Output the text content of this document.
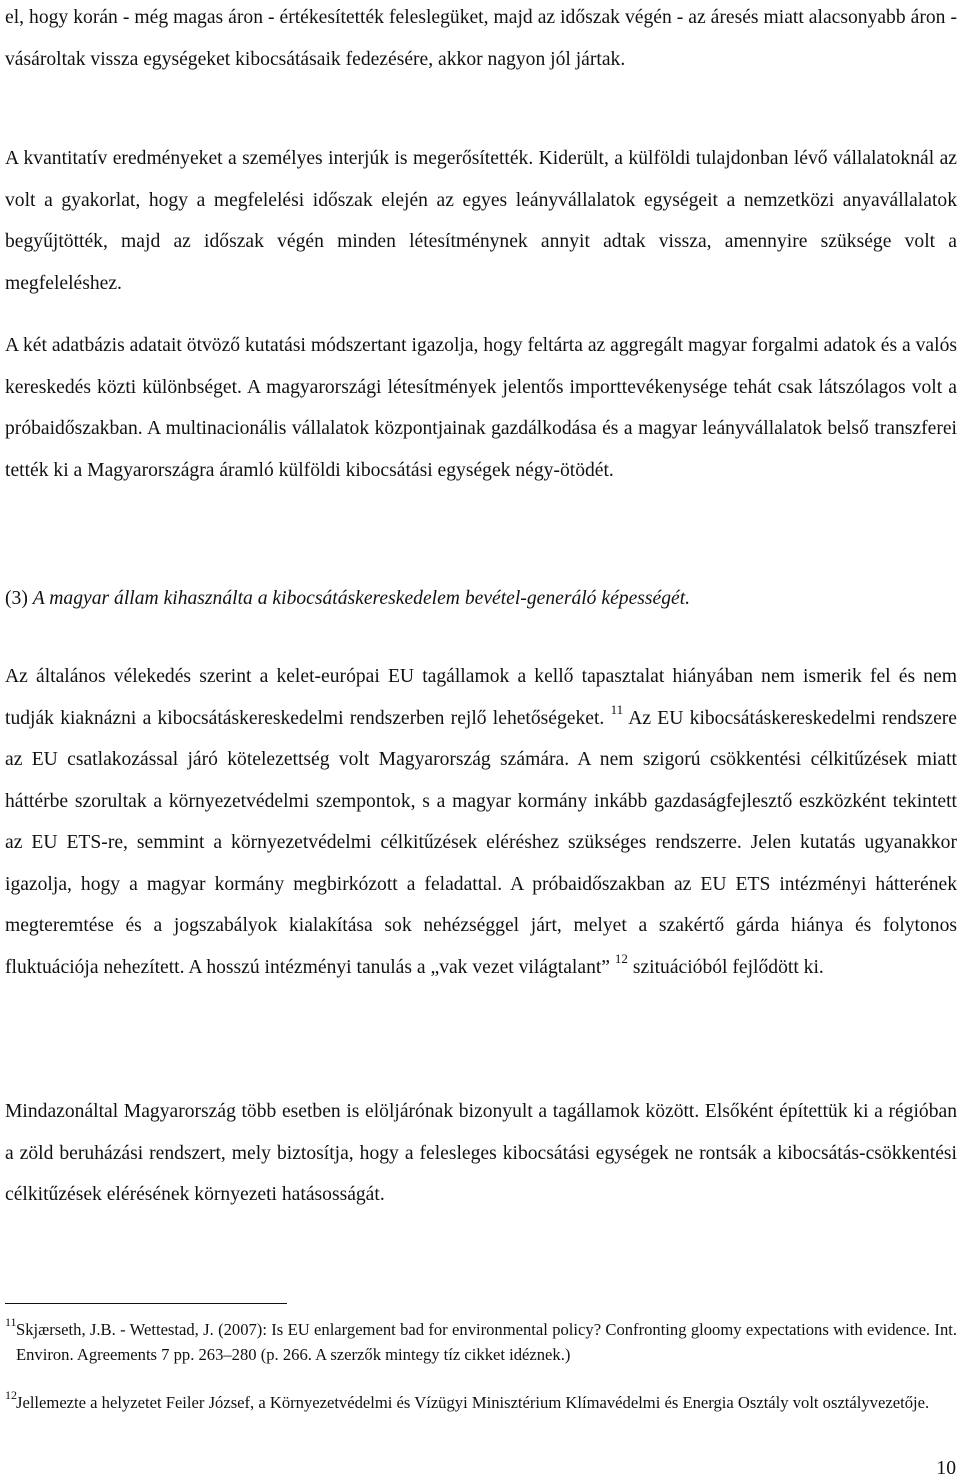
el, hogy korán - még magas áron - értékesítették feleslegüket, majd az időszak végén - az áresés miatt alacsonyabb áron - vásároltak vissza egységeket kibocsátásaik fedezésére, akkor nagyon jól jártak.

A kvantitatív eredményeket a személyes interjúk is megerősítették. Kiderült, a külföldi tulajdonban lévő vállalatoknál az volt a gyakorlat, hogy a megfelelési időszak elején az egyes leányvállalatok egységeit a nemzetközi anyavállalatok begyűjtötték, majd az időszak végén minden létesítménynek annyit adtak vissza, amennyire szüksége volt a megfeleléshez.

A két adatbázis adatait ötvöző kutatási módszertant igazolja, hogy feltárta az aggregált magyar forgalmi adatok és a valós kereskedés közti különbséget. A magyarországi létesítmények jelentős importtevékenysége tehát csak látszólagos volt a próbaidőszakban. A multinacionális vállalatok központjainak gazdálkodása és a magyar leányvállalatok belső transzferei tették ki a Magyarországra áramló külföldi kibocsátási egységek négy-ötödét.

(3) A magyar állam kihasználta a kibocsátáskereskedelem bevétel-generáló képességét.

Az általános vélekedés szerint a kelet-európai EU tagállamok a kellő tapasztalat hiányában nem ismerik fel és nem tudják kiaknázni a kibocsátáskereskedelmi rendszerben rejlő lehetőségeket. $^{11}$ Az EU kibocsátáskereskedelmi rendszere az EU csatlakozással járó kötelezettség volt Magyarország számára. A nem szigorú csökkentési célkitűzések miatt háttérbe szorultak a környezetvédelmi szempontok, s a magyar kormány inkább gazdaságfejlesztő eszközként tekintett az EU ETS-re, semmint a környezetvédelmi célkitűzések eléréshez szükséges rendszerre. Jelen kutatás ugyanakkor igazolja, hogy a magyar kormány megbirkózott a feladattal. A próbaidőszakban az EU ETS intézményi hátterének megteremtése és a jogszabályok kialakítása sok nehézséggel járt, melyet a szakértő gárda hiánya és folytonos fluktuációja nehezített. A hosszú intézményi tanulás a „vak vezet világtalant” $^{12}$ szituációból fejlődött ki.

Mindazonáltal Magyarország több esetben is elöljárónak bizonyult a tagállamok között. Elsőként építettük ki a régióban a zöld beruházási rendszert, mely biztosítja, hogy a felesleges kibocsátási egységek ne rontsák a kibocsátás-csökkentési célkitűzések elérésének környezeti hatásosságát.

11 Skjærseth, J.B. - Wettestad, J. (2007): Is EU enlargement bad for environmental policy? Confronting gloomy expectations with evidence. Int. Environ. Agreements 7 pp. 263–280 (p. 266. A szerzők mintegy tíz cikket idéznek.)
12 Jellemezte a helyzetet Feiler József, a Környezetvédelmi és Vízügyi Minisztérium Klímavédelmi és Energia Osztály volt osztályvezetője.
10
